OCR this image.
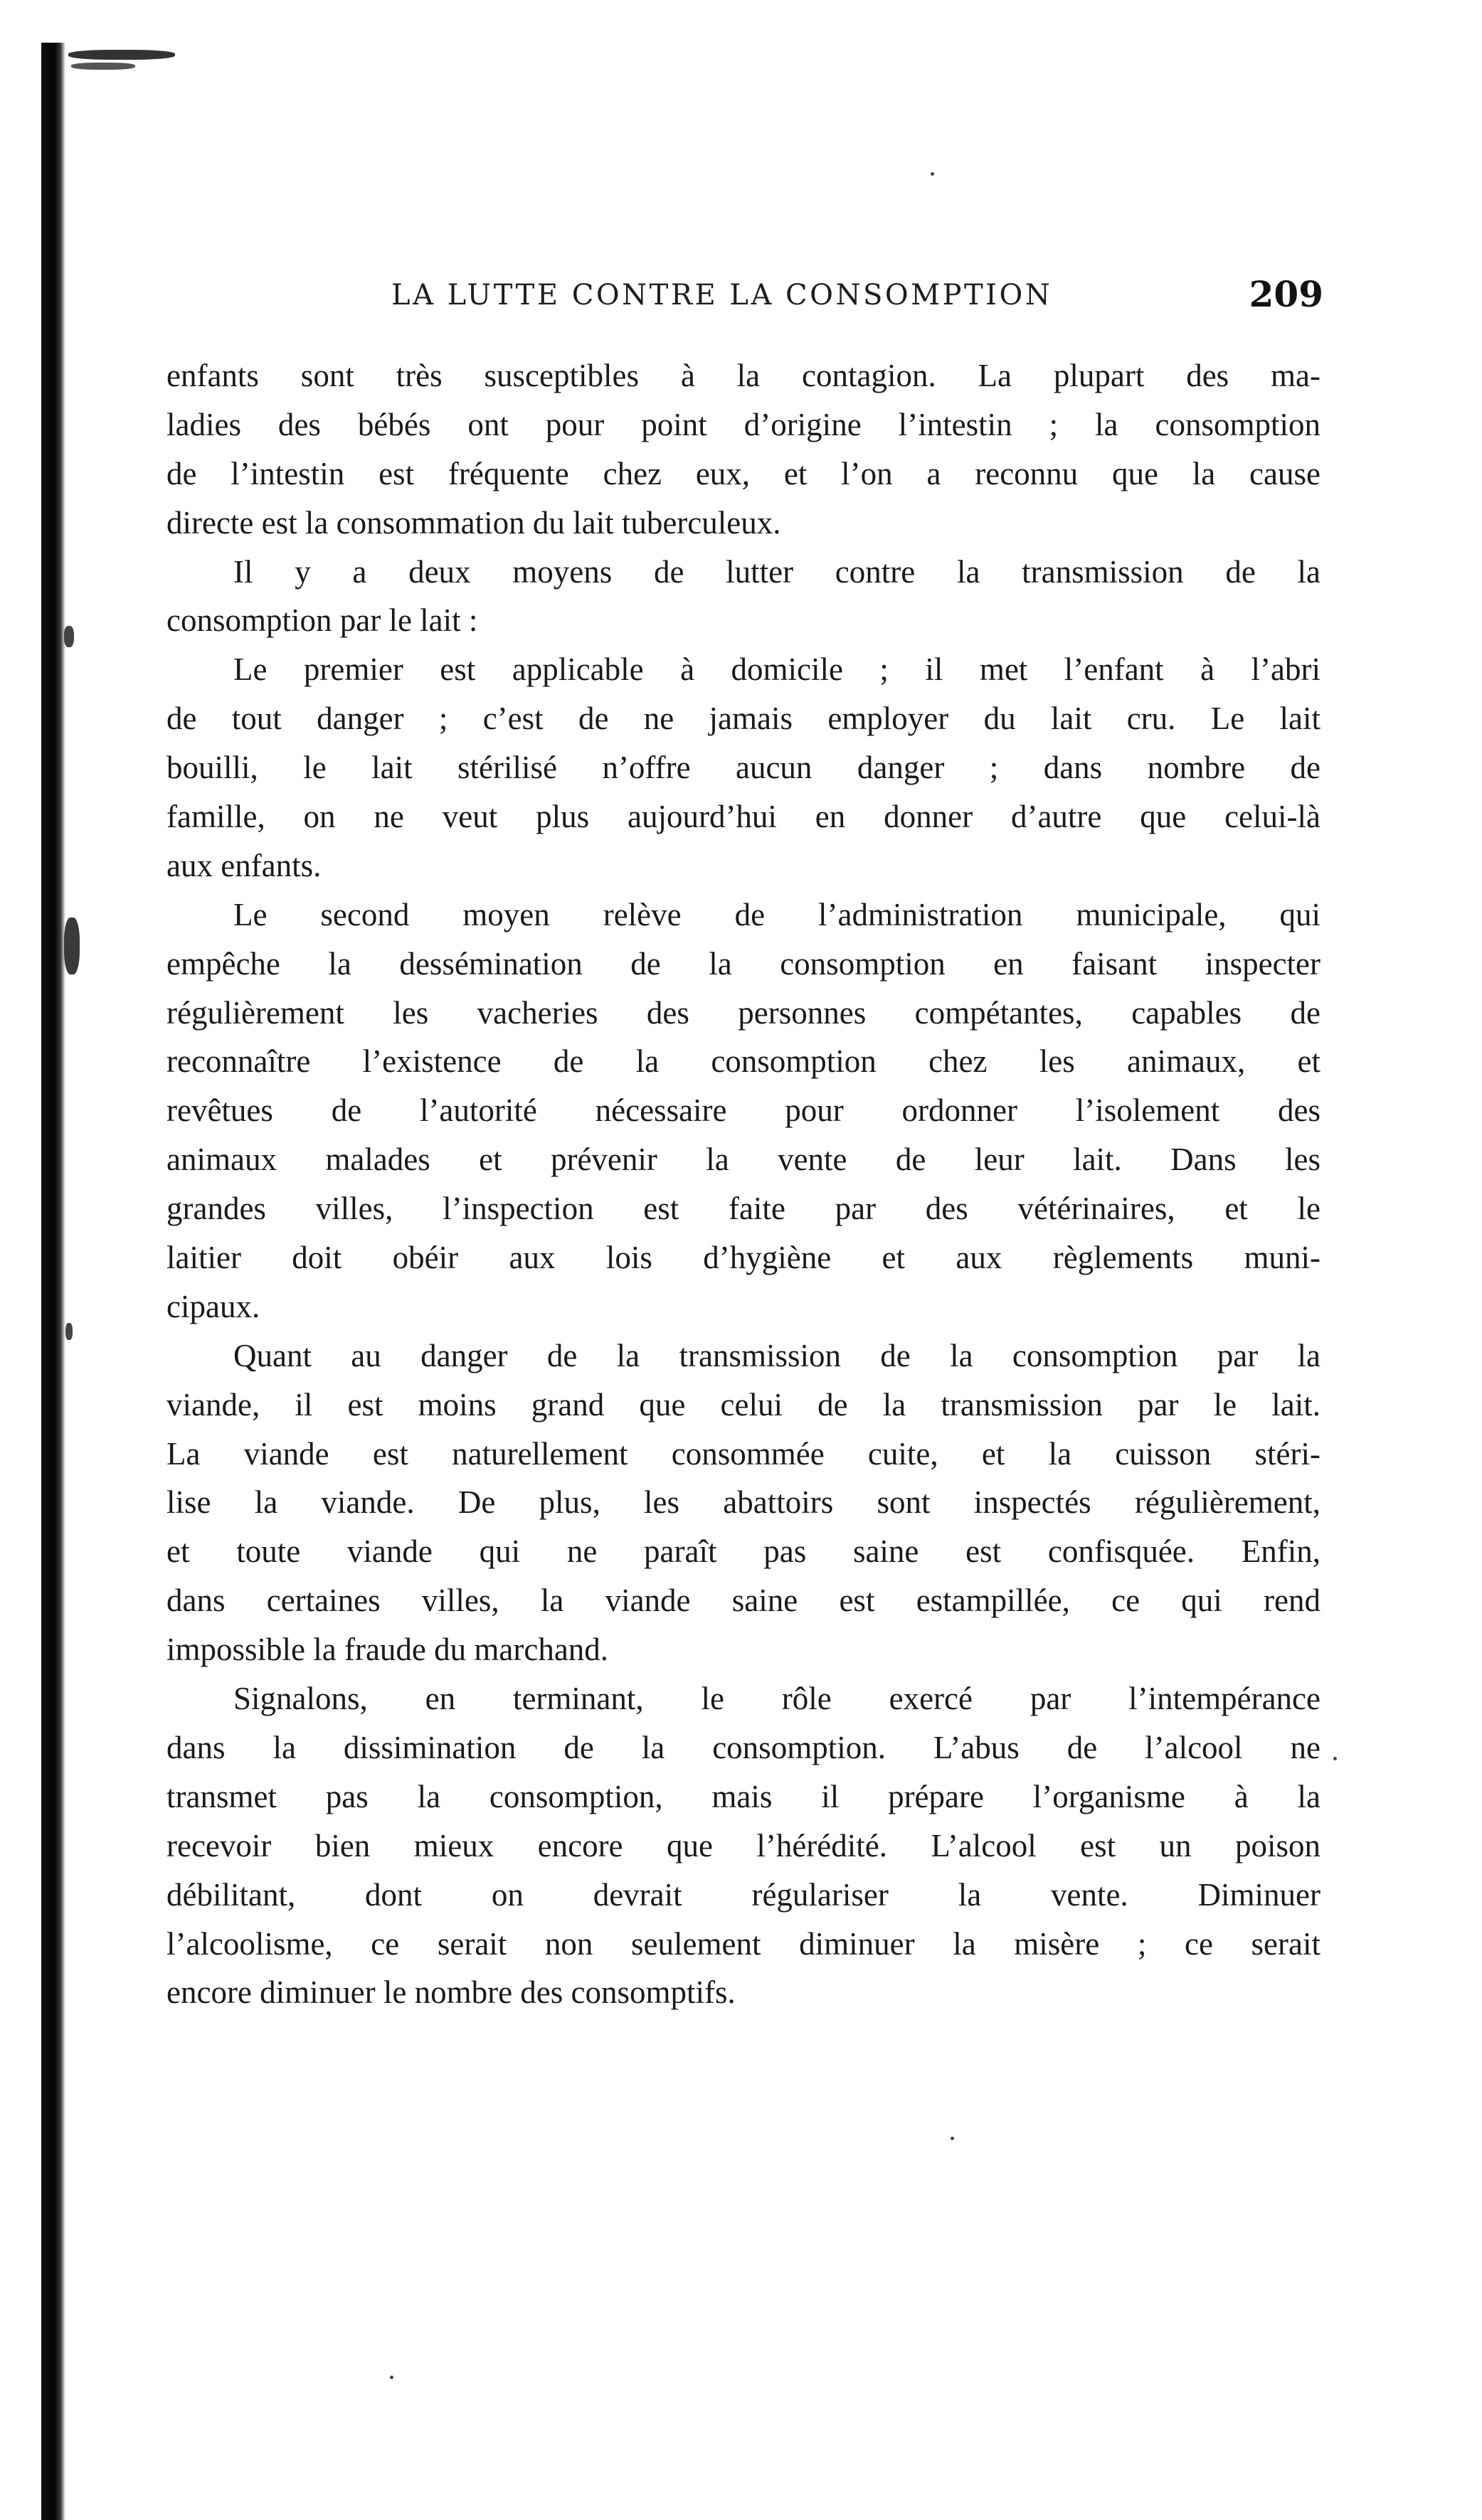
LA LUTTE CONTRE LA CONSOMPTION	209
enfants sont très susceptibles à la contagion. La plupart des ma-
ladies des bébés ont pour point d’origine l’intestin ; la consomption
de l’intestin est fréquente chez eux, et l’on a reconnu que la cause
directe est la consommation du lait tuberculeux.
Il y a deux moyens de lutter contre la transmission de la
consomption par le lait :
Le premier est applicable à domicile ; il met l’enfant à l’abri
de tout danger ; c’est de ne jamais employer du lait cru. Le lait
bouilli, le lait stérilisé n’offre aucun danger ; dans nombre de
famille, on ne veut plus aujourd’hui en donner d’autre que celui-là
aux enfants.
Le second moyen relève de l’administration municipale, qui
empêche la dessémination de la consomption en faisant inspecter
régulièrement les vacheries des personnes compétantes, capables de
reconnaître l’existence de la consomption chez les animaux, et
revêtues de l’autorité nécessaire pour ordonner l’isolement des
animaux malades et prévenir la vente de leur lait. Dans les
grandes villes, l’inspection est faite par des vétérinaires, et le
laitier doit obéir aux lois d’hygiène et aux règlements muni-
cipaux.
Quant au danger de la transmission de la consomption par la
viande, il est moins grand que celui de la transmission par le lait.
La viande est naturellement consommée cuite, et la cuisson stéri-
lise la viande. De plus, les abattoirs sont inspectés régulièrement,
et toute viande qui ne paraît pas saine est confisquée. Enfin,
dans certaines villes, la viande saine est estampillée, ce qui rend
impossible la fraude du marchand.
Signalons, en terminant, le rôle exercé par l’intempérance
dans la dissimination de la consomption. L’abus de l’alcool ne
transmet pas la consomption, mais il prépare l’organisme à la
recevoir bien mieux encore que l’hérédité. L’alcool est un poison
débilitant, dont on devrait régulariser la vente. Diminuer
l’alcoolisme, ce serait non seulement diminuer la misère ; ce serait
encore diminuer le nombre des consomptifs.
